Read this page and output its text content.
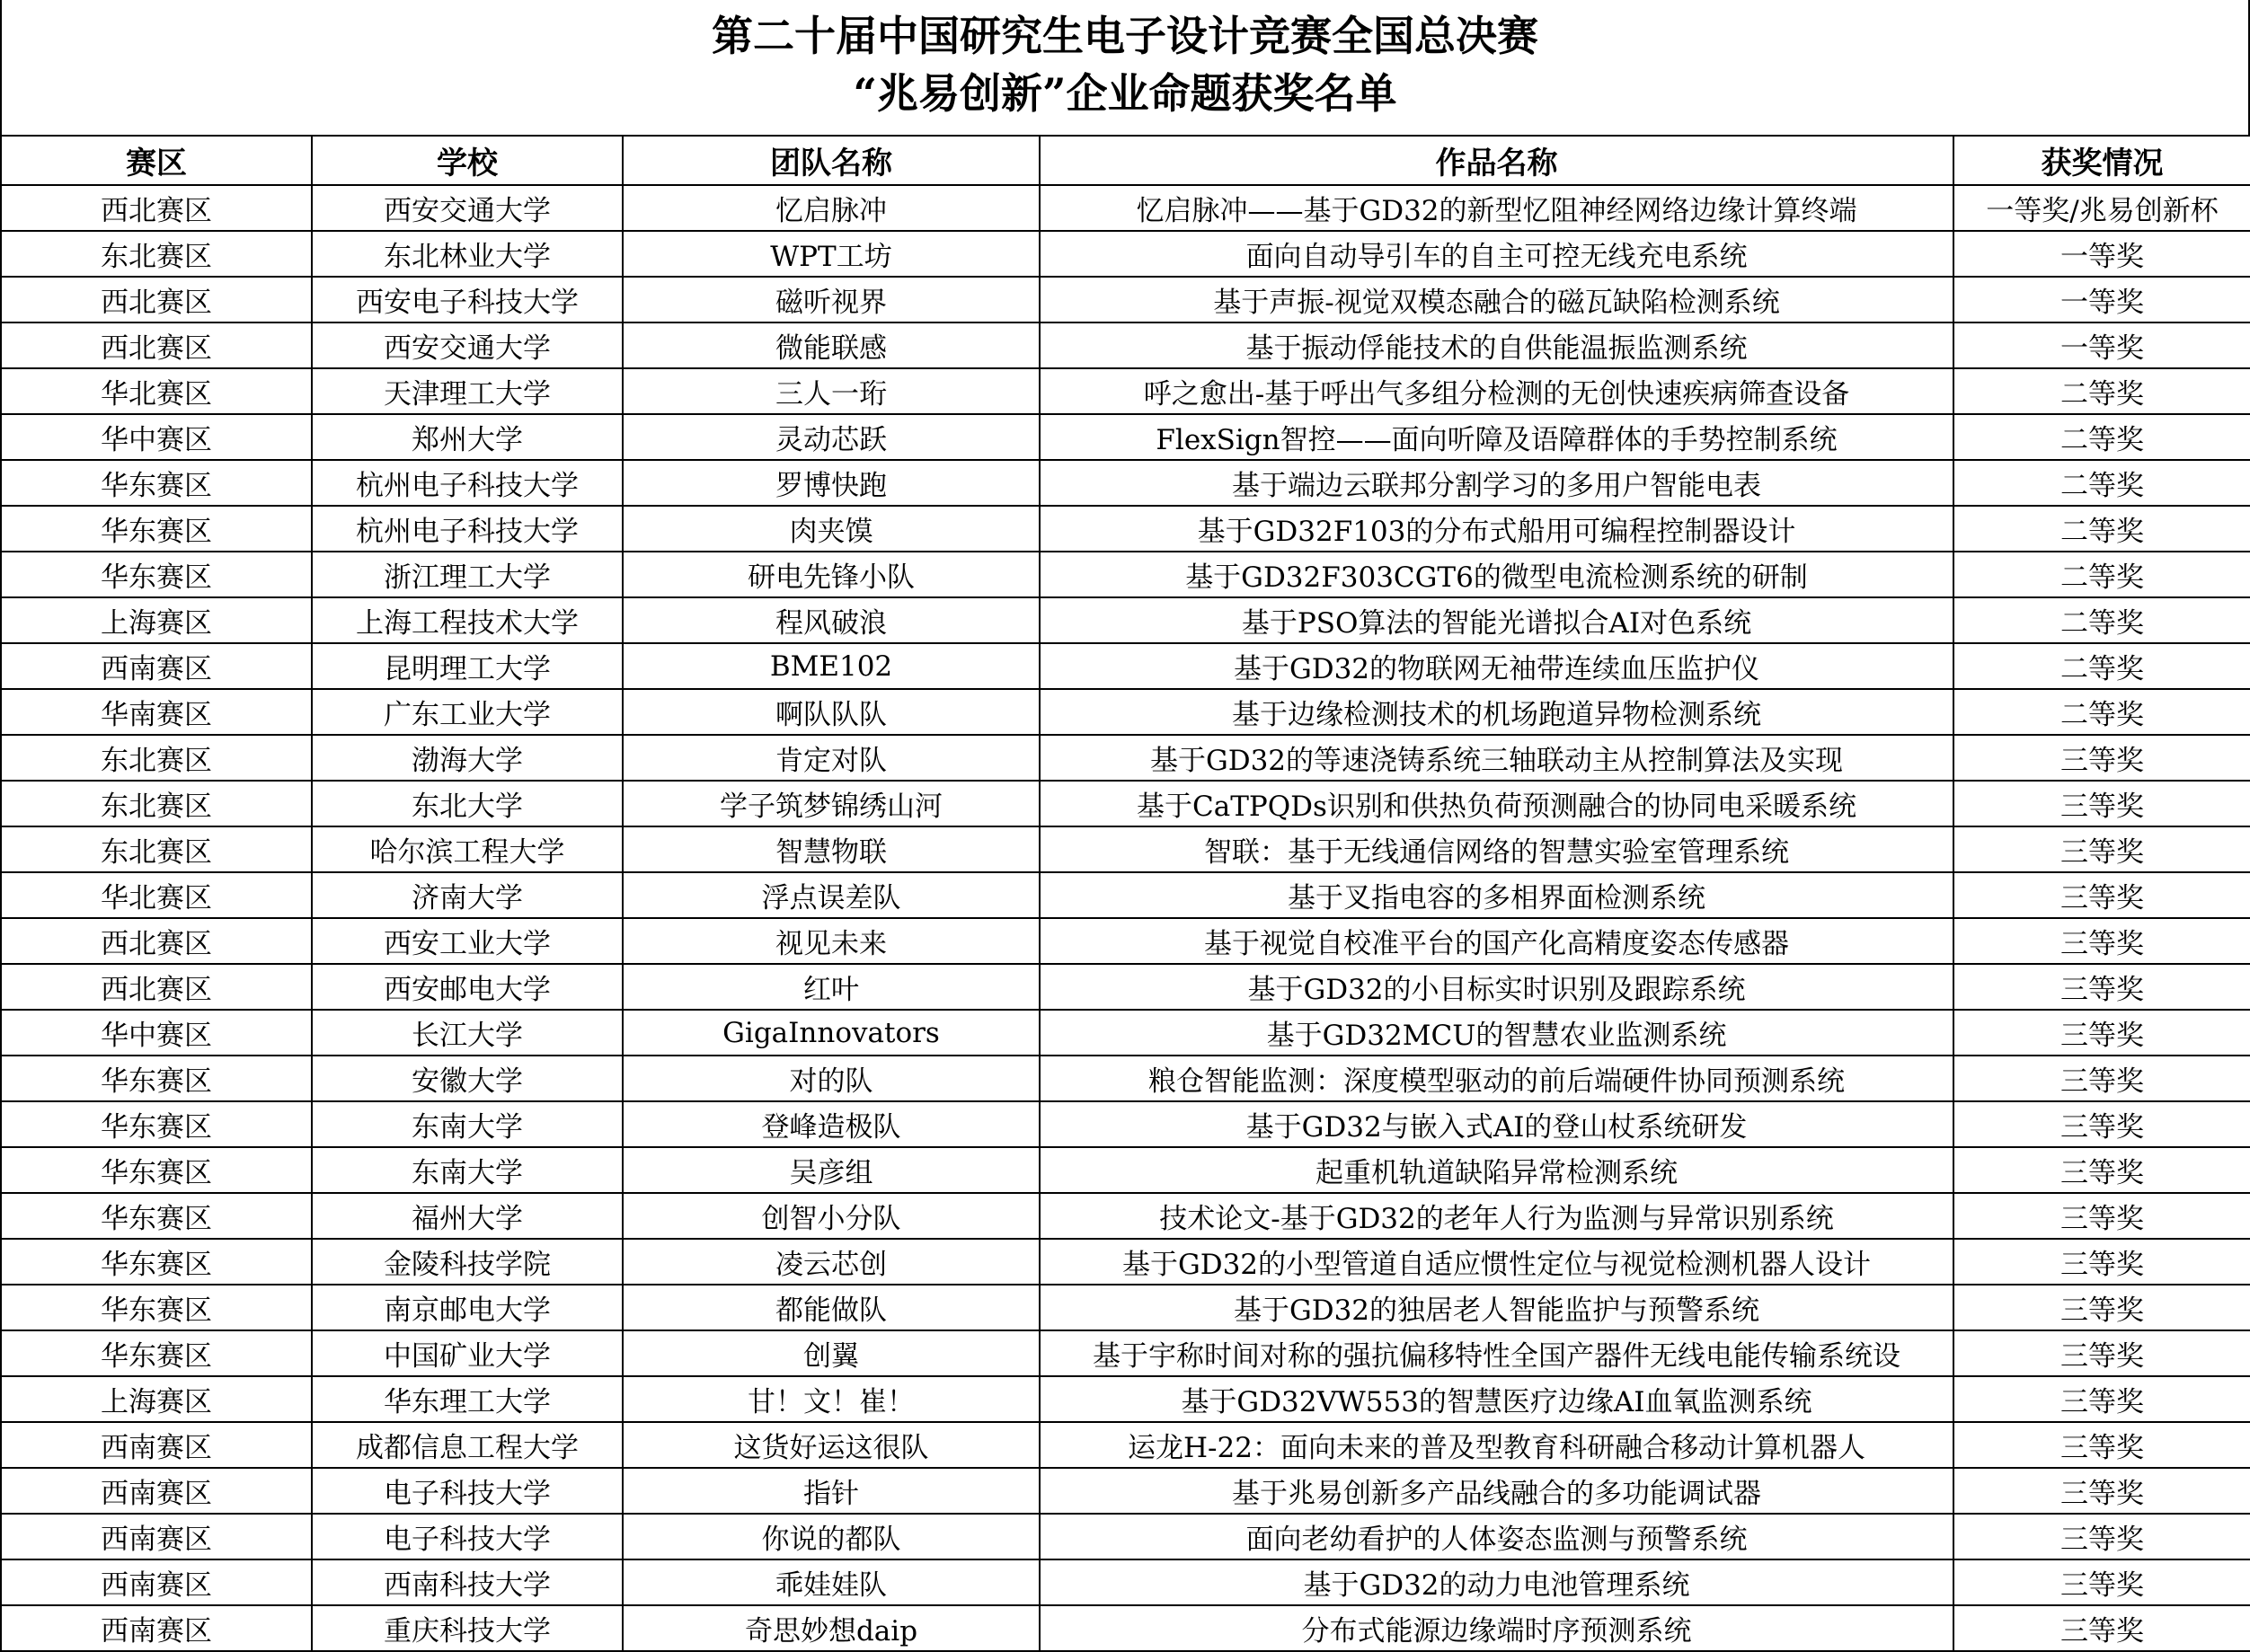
第二十届中国研究生电子设计竞赛全国总决赛
“兆易创新”企业命题获奖名单
赛区	学校	团队名称	作品名称	获奖情况
西北赛区	西安交通大学	忆启脉冲	忆启脉冲——基于GD32的新型忆阻神经网络边缘计算终端	一等奖/兆易创新杯
东北赛区	东北林业大学	WPT工坊	面向自动导引车的自主可控无线充电系统	一等奖
西北赛区	西安电子科技大学	磁听视界	基于声振-视觉双模态融合的磁瓦缺陷检测系统	一等奖
西北赛区	西安交通大学	微能联感	基于振动俘能技术的自供能温振监测系统	一等奖
华北赛区	天津理工大学	三人一珩	呼之愈出-基于呼出气多组分检测的无创快速疾病筛查设备	二等奖
华中赛区	郑州大学	灵动芯跃	FlexSign智控——面向听障及语障群体的手势控制系统	二等奖
华东赛区	杭州电子科技大学	罗博快跑	基于端边云联邦分割学习的多用户智能电表	二等奖
华东赛区	杭州电子科技大学	肉夹馍	基于GD32F103的分布式船用可编程控制器设计	二等奖
华东赛区	浙江理工大学	研电先锋小队	基于GD32F303CGT6的微型电流检测系统的研制	二等奖
上海赛区	上海工程技术大学	程风破浪	基于PSO算法的智能光谱拟合AI对色系统	二等奖
西南赛区	昆明理工大学	BME102	基于GD32的物联网无袖带连续血压监护仪	二等奖
华南赛区	广东工业大学	啊队队队	基于边缘检测技术的机场跑道异物检测系统	二等奖
东北赛区	渤海大学	肯定对队	基于GD32的等速浇铸系统三轴联动主从控制算法及实现	三等奖
东北赛区	东北大学	学子筑梦锦绣山河	基于CaTPQDs识别和供热负荷预测融合的协同电采暖系统	三等奖
东北赛区	哈尔滨工程大学	智慧物联	智联：基于无线通信网络的智慧实验室管理系统	三等奖
华北赛区	济南大学	浮点误差队	基于叉指电容的多相界面检测系统	三等奖
西北赛区	西安工业大学	视见未来	基于视觉自校准平台的国产化高精度姿态传感器	三等奖
西北赛区	西安邮电大学	红叶	基于GD32的小目标实时识别及跟踪系统	三等奖
华中赛区	长江大学	GigaInnovators	基于GD32MCU的智慧农业监测系统	三等奖
华东赛区	安徽大学	对的队	粮仓智能监测：深度模型驱动的前后端硬件协同预测系统	三等奖
华东赛区	东南大学	登峰造极队	基于GD32与嵌入式AI的登山杖系统研发	三等奖
华东赛区	东南大学	吴彦组	起重机轨道缺陷异常检测系统	三等奖
华东赛区	福州大学	创智小分队	技术论文-基于GD32的老年人行为监测与异常识别系统	三等奖
华东赛区	金陵科技学院	凌云芯创	基于GD32的小型管道自适应惯性定位与视觉检测机器人设计	三等奖
华东赛区	南京邮电大学	都能做队	基于GD32的独居老人智能监护与预警系统	三等奖
华东赛区	中国矿业大学	创翼	基于宇称时间对称的强抗偏移特性全国产器件无线电能传输系统设	三等奖
上海赛区	华东理工大学	甘！文！崔！	基于GD32VW553的智慧医疗边缘AI血氧监测系统	三等奖
西南赛区	成都信息工程大学	这货好运这很队	运龙H-22：面向未来的普及型教育科研融合移动计算机器人	三等奖
西南赛区	电子科技大学	指针	基于兆易创新多产品线融合的多功能调试器	三等奖
西南赛区	电子科技大学	你说的都队	面向老幼看护的人体姿态监测与预警系统	三等奖
西南赛区	西南科技大学	乖娃娃队	基于GD32的动力电池管理系统	三等奖
西南赛区	重庆科技大学	奇思妙想daip	分布式能源边缘端时序预测系统	三等奖
